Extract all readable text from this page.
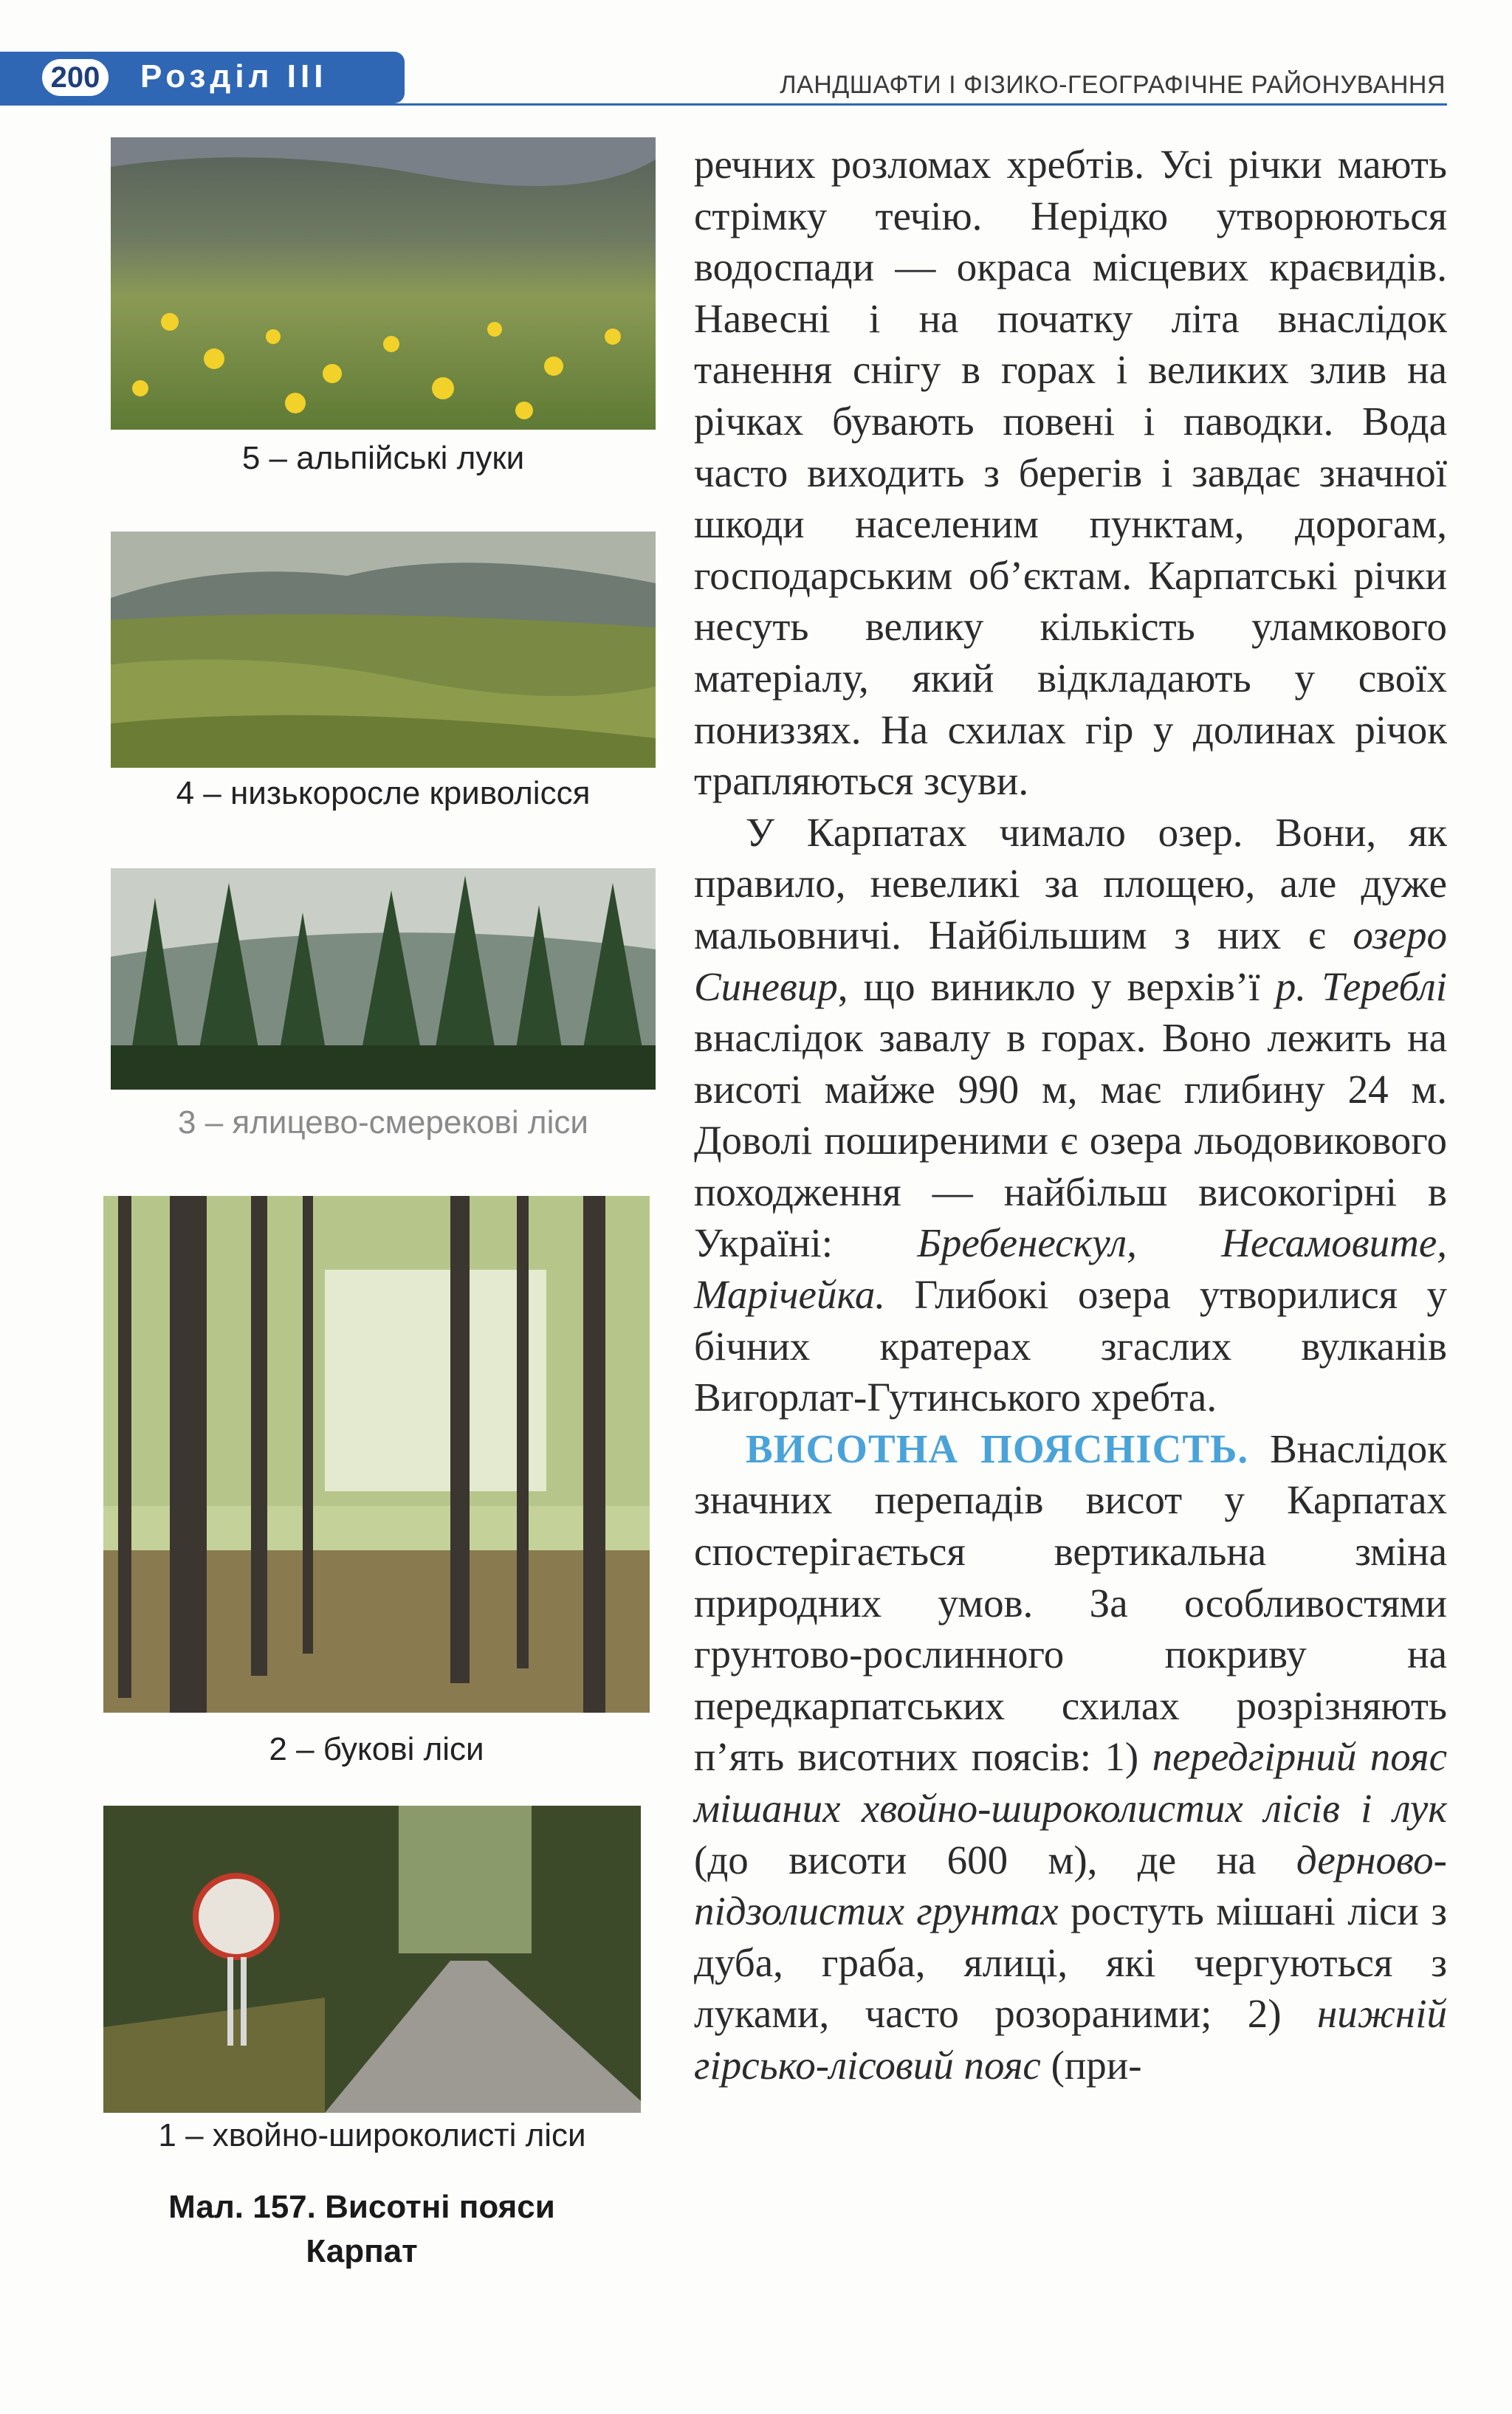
200	Розділ III	ЛАНДШАФТИ І ФІЗИКО-ГЕОГРАФІЧНЕ РАЙОНУВАННЯ
5 – альпійські луки
4 – низькоросле криволісся
3 – ялицево-смерекові ліси
2 – букові ліси
1 – хвойно-широколисті ліси
Мал. 157. Висотні пояси
Карпат

речних розломах хребтів. Усі річки мають стрімку течію. Нерідко утворюються водоспади — окраса місцевих краєвидів. Навесні і на початку літа внаслідок танення снігу в горах і великих злив на річках бувають повені і паводки. Вода часто виходить з берегів і завдає значної шкоди населеним пунктам, дорогам, господарським об’єктам. Карпатські річки несуть велику кількість уламкового матеріалу, який відкладають у своїх пониззях. На схилах гір у долинах річок трапляються зсуви.

У Карпатах чимало озер. Вони, як правило, невеликі за площею, але дуже мальовничі. Найбільшим з них є озеро Синевир, що виникло у верхів’ї р. Тереблі внаслідок завалу в горах. Воно лежить на висоті майже 990 м, має глибину 24 м. Доволі поширеними є озера льодовикового походження — найбільш високогірні в Україні: Бребенескул, Несамовите, Марічейка. Глибокі озера утворилися у бічних кратерах згаслих вулканів Вигорлат-Гутинського хребта.

ВИСОТНА ПОЯСНІСТЬ. Внаслідок значних перепадів висот у Карпатах спостерігається вертикальна зміна природних умов. За особливостями грунтово-рослинного покриву на передкарпатських схилах розрізняють п’ять висотних поясів: 1) передгірний пояс мішаних хвойно-широколистих лісів і лук (до висоти 600 м), де на дерново-підзолистих грунтах ростуть мішані ліси з дуба, граба, ялиці, які чергуються з луками, часто розораними; 2) нижній гірсько-лісовий пояс (при-
